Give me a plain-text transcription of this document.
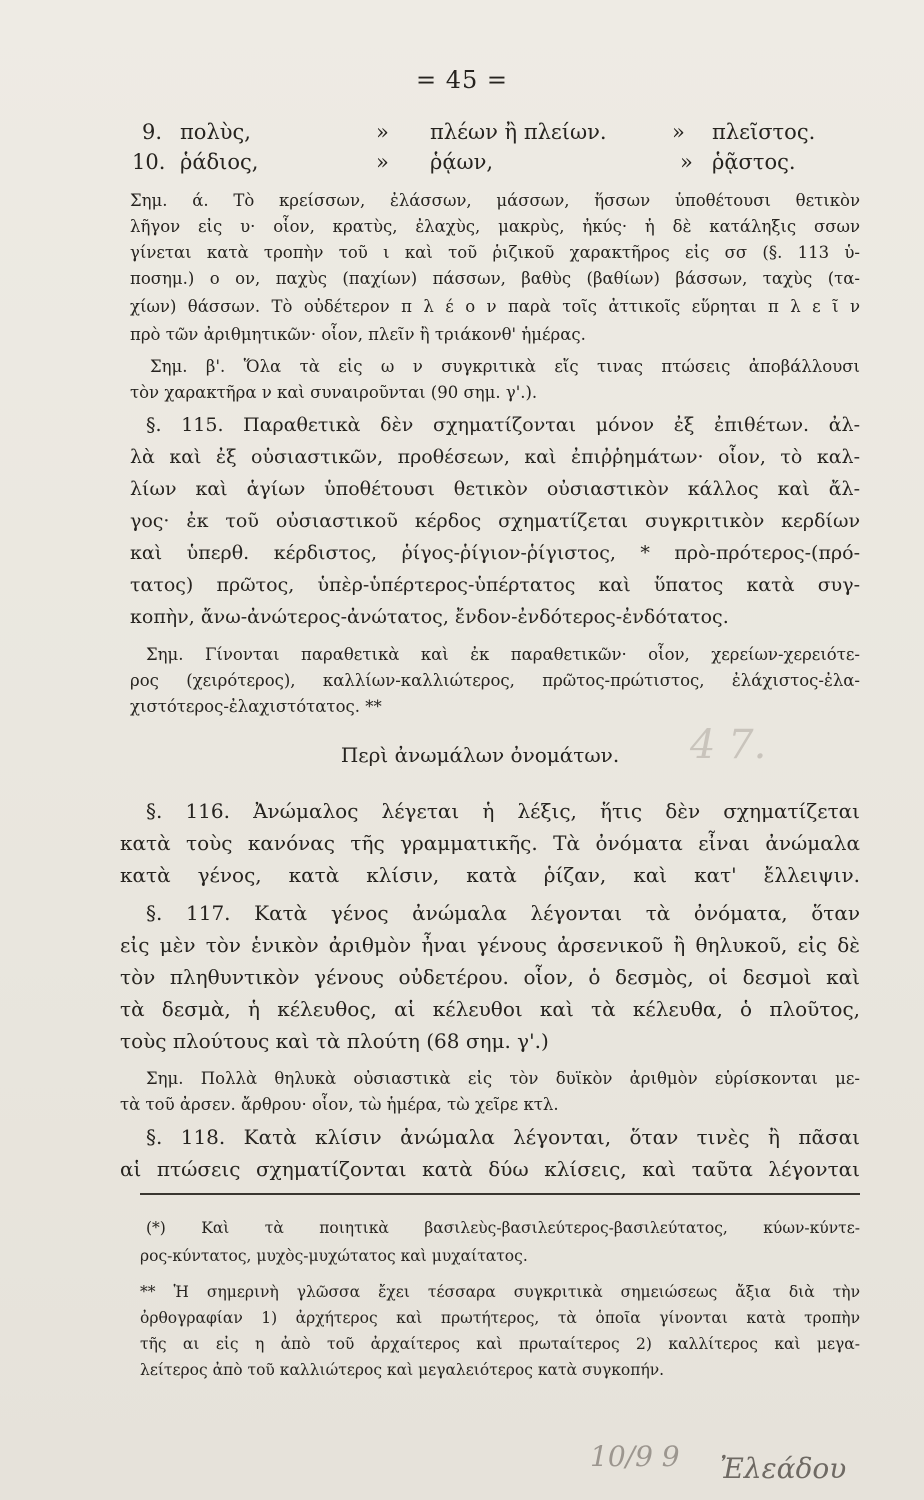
= 45 =
9. πολὺς,	» πλέων ἢ πλείων.	» πλεῖστος.
10. ῥάδιος,	» ῥᾴων,	» ῥᾷστος.
Σημ. ά. Τὸ κρείσσων, ἐλάσσων, μάσσων, ἥσσων ὑποθέτουσι θετικὸν
λῆγον εἰς υ· οἷον, κρατὺς, ἐλαχὺς, μακρὺς, ἠκύς· ἡ δὲ κατάληξις σσων
γίνεται κατὰ τροπὴν τοῦ ι καὶ τοῦ ῥιζικοῦ χαρακτῆρος εἰς σσ (§. 113 ὑ-
ποσημ.) ο ον, παχὺς (παχίων) πάσσων, βαθὺς (βαθίων) βάσσων, ταχὺς (τα-
χίων) θάσσων. Τὸ οὐδέτερον π λ έ ο ν παρὰ τοῖς ἀττικοῖς εὕρηται π λ ε ῖ ν
πρὸ τῶν ἀριθμητικῶν· οἷον, πλεῖν ἢ τριάκονθ' ἡμέρας.
Σημ. β'. Ὅλα τὰ εἰς ω ν συγκριτικὰ εἴς τινας πτώσεις ἀποβάλλουσι
τὸν χαρακτῆρα ν καὶ συναιροῦνται (90 σημ. γ'.).
§. 115. Παραθετικὰ δὲν σχηματίζονται μόνον ἐξ ἐπιθέτων. ἀλ-
λὰ καὶ ἐξ οὐσιαστικῶν, προθέσεων, καὶ ἐπιῤῥημάτων· οἷον, τὸ καλ-
λίων καὶ ἁγίων ὑποθέτουσι θετικὸν οὐσιαστικὸν κάλλος καὶ ἄλ-
γος· ἐκ τοῦ οὐσιαστικοῦ κέρδος σχηματίζεται συγκριτικὸν κερδίων
καὶ ὑπερθ. κέρδιστος, ῥίγος-ῥίγιον-ῥίγιστος, * πρὸ-πρότερος-(πρό-
τατος) πρῶτος, ὑπὲρ-ὑπέρτερος-ὑπέρτατος καὶ ὕπατος κατὰ συγ-
κοπὴν, ἄνω-ἀνώτερος-ἀνώτατος, ἔνδον-ἐνδότερος-ἐνδότατος.
Σημ. Γίνονται παραθετικὰ καὶ ἐκ παραθετικῶν· οἷον, χερείων-χερειότε-
ρος (χειρότερος), καλλίων-καλλιώτερος, πρῶτος-πρώτιστος, ἐλάχιστος-ἐλα-
χιστότερος-ἐλαχιστότατος. **
Περὶ ἀνωμάλων ὀνομάτων.
§. 116. Ἀνώμαλος λέγεται ἡ λέξις, ἥτις δὲν σχηματίζεται
κατὰ τοὺς κανόνας τῆς γραμματικῆς. Τὰ ὀνόματα εἶναι ἀνώμαλα
κατὰ γένος, κατὰ κλίσιν, κατὰ ῥίζαν, καὶ κατ' ἔλλειψιν.
§. 117. Κατὰ γένος ἀνώμαλα λέγονται τὰ ὀνόματα, ὅταν
εἰς μὲν τὸν ἑνικὸν ἀριθμὸν ἦναι γένους ἀρσενικοῦ ἢ θηλυκοῦ, εἰς δὲ
τὸν πληθυντικὸν γένους οὐδετέρου. οἷον, ὁ δεσμὸς, οἱ δεσμοὶ καὶ
τὰ δεσμὰ, ἡ κέλευθος, αἱ κέλευθοι καὶ τὰ κέλευθα, ὁ πλοῦτος,
τοὺς πλούτους καὶ τὰ πλούτη (68 σημ. γ'.)
Σημ. Πολλὰ θηλυκὰ οὐσιαστικὰ εἰς τὸν δυϊκὸν ἀριθμὸν εὑρίσκονται με-
τὰ τοῦ ἀρσεν. ἄρθρου· οἷον, τὼ ἡμέρα, τὼ χεῖρε κτλ.
§. 118. Κατὰ κλίσιν ἀνώμαλα λέγονται, ὅταν τινὲς ἢ πᾶσαι
αἱ πτώσεις σχηματίζονται κατὰ δύω κλίσεις, καὶ ταῦτα λέγονται
(*) Καὶ τὰ ποιητικὰ βασιλεὺς-βασιλεύτερος-βασιλεύτατος, κύων-κύντε-
ρος-κύντατος, μυχὸς-μυχώτατος καὶ μυχαίτατος.
** Ἡ σημερινὴ γλῶσσα ἔχει τέσσαρα συγκριτικὰ σημειώσεως ἄξια διὰ τὴν
ὀρθογραφίαν 1) ἀρχήτερος καὶ πρωτήτερος, τὰ ὁποῖα γίνονται κατὰ τροπὴν
τῆς αι εἰς η ἀπὸ τοῦ ἀρχαίτερος καὶ πρωταίτερος 2) καλλίτερος καὶ μεγα-
λείτερος ἀπὸ τοῦ καλλιώτερος καὶ μεγαλειότερος κατὰ συγκοπήν.
4 7.
10/9 9 Ἐλεάδου
